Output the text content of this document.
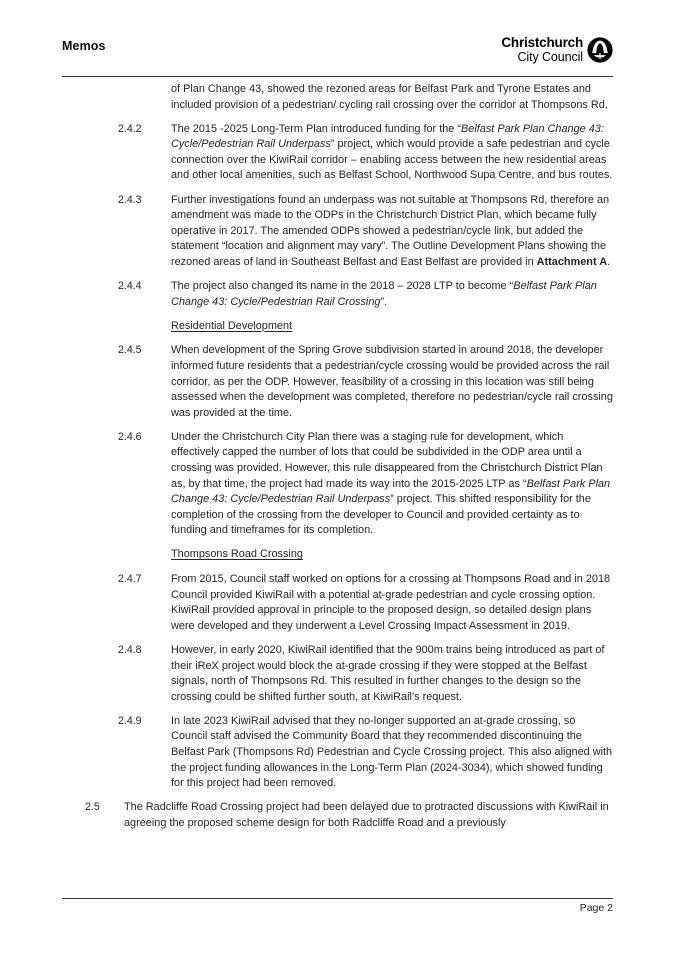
Memos	Christchurch
City Council
of Plan Change 43, showed the rezoned areas for Belfast Park and Tyrone Estates and included provision of a pedestrian/ cycling rail crossing over the corridor at Thompsons Rd.
2.4.2	The 2015 -2025 Long-Term Plan introduced funding for the “Belfast Park Plan Change 43: Cycle/Pedestrian Rail Underpass” project, which would provide a safe pedestrian and cycle connection over the KiwiRail corridor – enabling access between the new residential areas and other local amenities, such as Belfast School, Northwood Supa Centre, and bus routes.
2.4.3	Further investigations found an underpass was not suitable at Thompsons Rd, therefore an amendment was made to the ODPs in the Christchurch District Plan, which became fully operative in 2017. The amended ODPs showed a pedestrian/cycle link, but added the statement “location and alignment may vary”. The Outline Development Plans showing the rezoned areas of land in Southeast Belfast and East Belfast are provided in Attachment A.
2.4.4	The project also changed its name in the 2018 – 2028 LTP to become “Belfast Park Plan Change 43: Cycle/Pedestrian Rail Crossing”.
Residential Development
2.4.5	When development of the Spring Grove subdivision started in around 2018, the developer informed future residents that a pedestrian/cycle crossing would be provided across the rail corridor, as per the ODP. However, feasibility of a crossing in this location was still being assessed when the development was completed, therefore no pedestrian/cycle rail crossing was provided at the time.
2.4.6	Under the Christchurch City Plan there was a staging rule for development, which effectively capped the number of lots that could be subdivided in the ODP area until a crossing was provided. However, this rule disappeared from the Christchurch District Plan as, by that time, the project had made its way into the 2015-2025 LTP as “Belfast Park Plan Change 43: Cycle/Pedestrian Rail Underpass” project. This shifted responsibility for the completion of the crossing from the developer to Council and provided certainty as to funding and timeframes for its completion.
Thompsons Road Crossing
2.4.7	From 2015, Council staff worked on options for a crossing at Thompsons Road and in 2018 Council provided KiwiRail with a potential at-grade pedestrian and cycle crossing option. KiwiRail provided approval in principle to the proposed design, so detailed design plans were developed and they underwent a Level Crossing Impact Assessment in 2019.
2.4.8	However, in early 2020, KiwiRail identified that the 900m trains being introduced as part of their iReX project would block the at-grade crossing if they were stopped at the Belfast signals, north of Thompsons Rd. This resulted in further changes to the design so the crossing could be shifted further south, at KiwiRail’s request.
2.4.9	In late 2023 KiwiRail advised that they no-longer supported an at-grade crossing, so Council staff advised the Community Board that they recommended discontinuing the Belfast Park (Thompsons Rd) Pedestrian and Cycle Crossing project. This also aligned with the project funding allowances in the Long-Term Plan (2024-3034), which showed funding for this project had been removed.
2.5	The Radcliffe Road Crossing project had been delayed due to protracted discussions with KiwiRail in agreeing the proposed scheme design for both Radcliffe Road and a previously
Page 2
